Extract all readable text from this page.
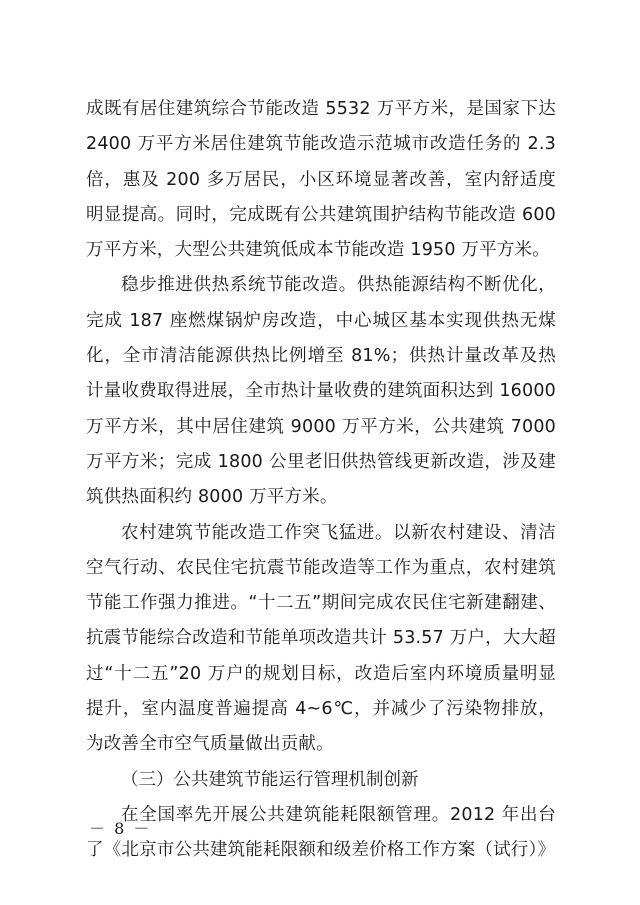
成既有居住建筑综合节能改造 5532 万平方米，是国家下达 2400 万平方米居住建筑节能改造示范城市改造任务的 2.3 倍，惠及 200 多万居民，小区环境显著改善，室内舒适度明显提高。同时，完成既有公共建筑围护结构节能改造 600 万平方米，大型公共建筑低成本节能改造 1950 万平方米。

稳步推进供热系统节能改造。供热能源结构不断优化，完成 187 座燃煤锅炉房改造，中心城区基本实现供热无煤化，全市清洁能源供热比例增至 81%；供热计量改革及热计量收费取得进展，全市热计量收费的建筑面积达到 16000 万平方米，其中居住建筑 9000 万平方米，公共建筑 7000 万平方米；完成 1800 公里老旧供热管线更新改造，涉及建筑供热面积约 8000 万平方米。

农村建筑节能改造工作突飞猛进。以新农村建设、清洁空气行动、农民住宅抗震节能改造等工作为重点，农村建筑节能工作强力推进。“十二五”期间完成农民住宅新建翻建、抗震节能综合改造和节能单项改造共计 53.57 万户，大大超过“十二五”20 万户的规划目标，改造后室内环境质量明显提升，室内温度普遍提高 4~6℃，并减少了污染物排放，为改善全市空气质量做出贡献。

（三）公共建筑节能运行管理机制创新

在全国率先开展公共建筑能耗限额管理。2012 年出台了《北京市公共建筑能耗限额和级差价格工作方案（试行）》

－ 8 －
